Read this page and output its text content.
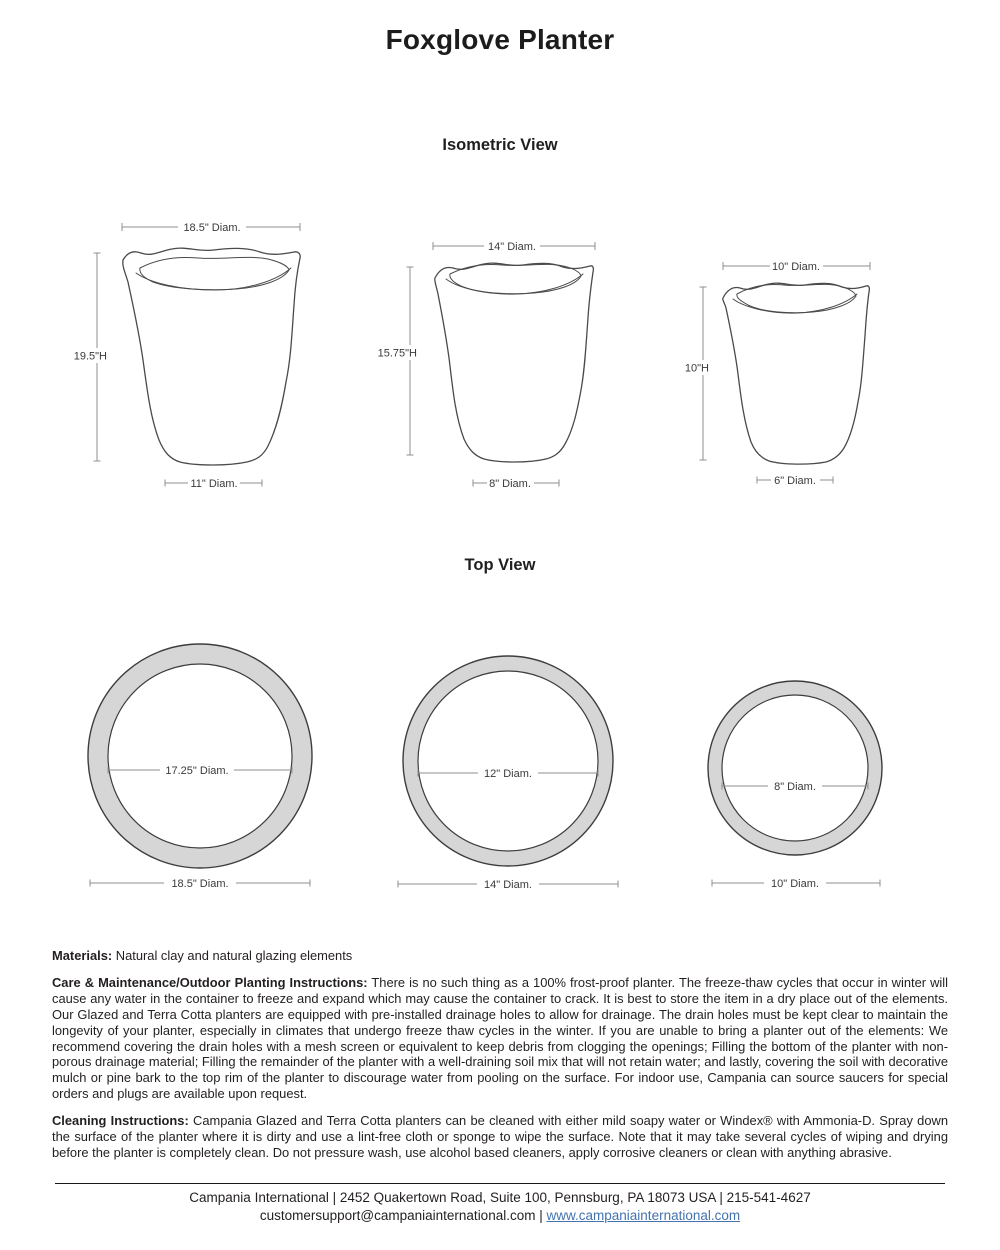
Foxglove Planter
Isometric View
18.5" Diam.
19.5"H
11" Diam.
14" Diam.
15.75"H
8" Diam.
10" Diam.
10"H
6" Diam.
Top View
17.25" Diam.
18.5" Diam.
12" Diam.
14" Diam.
8" Diam.
10" Diam.

Materials: Natural clay and natural glazing elements

Care & Maintenance/Outdoor Planting Instructions: There is no such thing as a 100% frost-proof planter. The freeze-thaw cycles that occur in winter will cause any water in the container to freeze and expand which may cause the container to crack. It is best to store the item in a dry place out of the elements. Our Glazed and Terra Cotta planters are equipped with pre-installed drainage holes to allow for drainage. The drain holes must be kept clear to maintain the longevity of your planter, especially in climates that undergo freeze thaw cycles in the winter. If you are unable to bring a planter out of the elements: We recommend covering the drain holes with a mesh screen or equivalent to keep debris from clogging the openings; Filling the bottom of the planter with non-porous drainage material; Filling the remainder of the planter with a well-draining soil mix that will not retain water; and lastly, covering the soil with decorative mulch or pine bark to the top rim of the planter to discourage water from pooling on the surface. For indoor use, Campania can source saucers for special orders and plugs are available upon request.

Cleaning Instructions: Campania Glazed and Terra Cotta planters can be cleaned with either mild soapy water or Windex® with Ammonia-D. Spray down the surface of the planter where it is dirty and use a lint-free cloth or sponge to wipe the surface. Note that it may take several cycles of wiping and drying before the planter is completely clean. Do not pressure wash, use alcohol based cleaners, apply corrosive cleaners or clean with anything abrasive.

Campania International | 2452 Quakertown Road, Suite 100, Pennsburg, PA 18073 USA | 215-541-4627
customersupport@campaniainternational.com | www.campaniainternational.com
